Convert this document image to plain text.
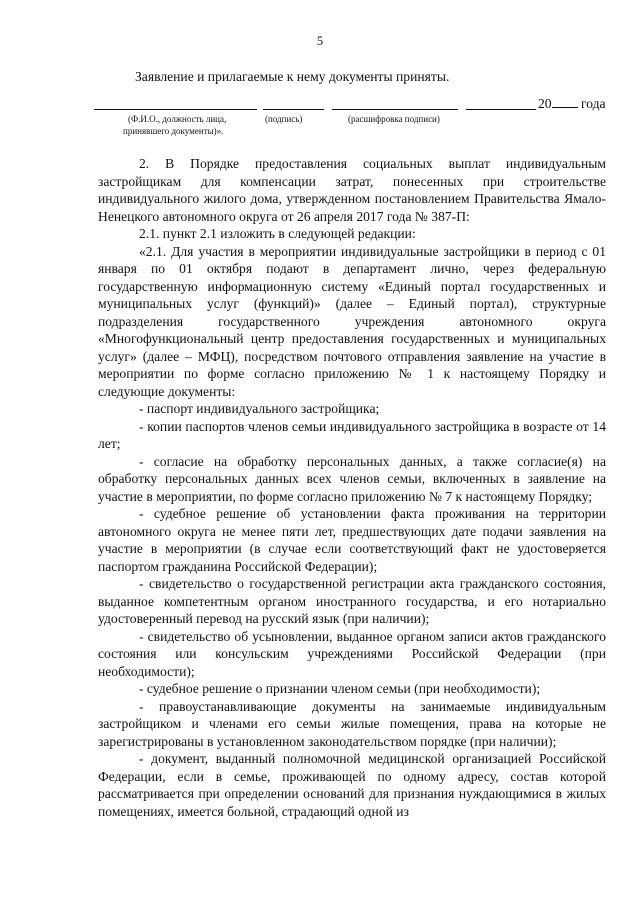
5
Заявление и прилагаемые к нему документы приняты.
20 года
(Ф.И.О., должность лица,
принявшего документы)».
(подпись)	(расшифровка подписи)

2. В Порядке предоставления социальных выплат индивидуальным застройщикам для компенсации затрат, понесенных при строительстве индивидуального жилого дома, утвержденном постановлением Правительства Ямало-Ненецкого автономного округа от 26 апреля 2017 года № 387-П:

2.1. пункт 2.1 изложить в следующей редакции:

«2.1. Для участия в мероприятии индивидуальные застройщики в период с 01 января по 01 октября подают в департамент лично, через федеральную государственную информационную систему «Единый портал государственных и муниципальных услуг (функций)» (далее – Единый портал), структурные подразделения государственного учреждения автономного округа «Многофункциональный центр предоставления государственных и муниципальных услуг» (далее – МФЦ), посредством почтового отправления заявление на участие в мероприятии по форме согласно приложению № 1 к настоящему Порядку и следующие документы:

- паспорт индивидуального застройщика;

- копии паспортов членов семьи индивидуального застройщика в возрасте от 14 лет;

- согласие на обработку персональных данных, а также согласие(я) на обработку персональных данных всех членов семьи, включенных в заявление на участие в мероприятии, по форме согласно приложению № 7 к настоящему Порядку;

- судебное решение об установлении факта проживания на территории автономного округа не менее пяти лет, предшествующих дате подачи заявления на участие в мероприятии (в случае если соответствующий факт не удостоверяется паспортом гражданина Российской Федерации);

- свидетельство о государственной регистрации акта гражданского состояния, выданное компетентным органом иностранного государства, и его нотариально удостоверенный перевод на русский язык (при наличии);

- свидетельство об усыновлении, выданное органом записи актов гражданского состояния или консульским учреждениями Российской Федерации (при необходимости);

- судебное решение о признании членом семьи (при необходимости);

- правоустанавливающие документы на занимаемые индивидуальным застройщиком и членами его семьи жилые помещения, права на которые не зарегистрированы в установленном законодательством порядке (при наличии);

- документ, выданный полномочной медицинской организацией Российской Федерации, если в семье, проживающей по одному адресу, состав которой рассматривается при определении оснований для признания нуждающимися в жилых помещениях, имеется больной, страдающий одной из
